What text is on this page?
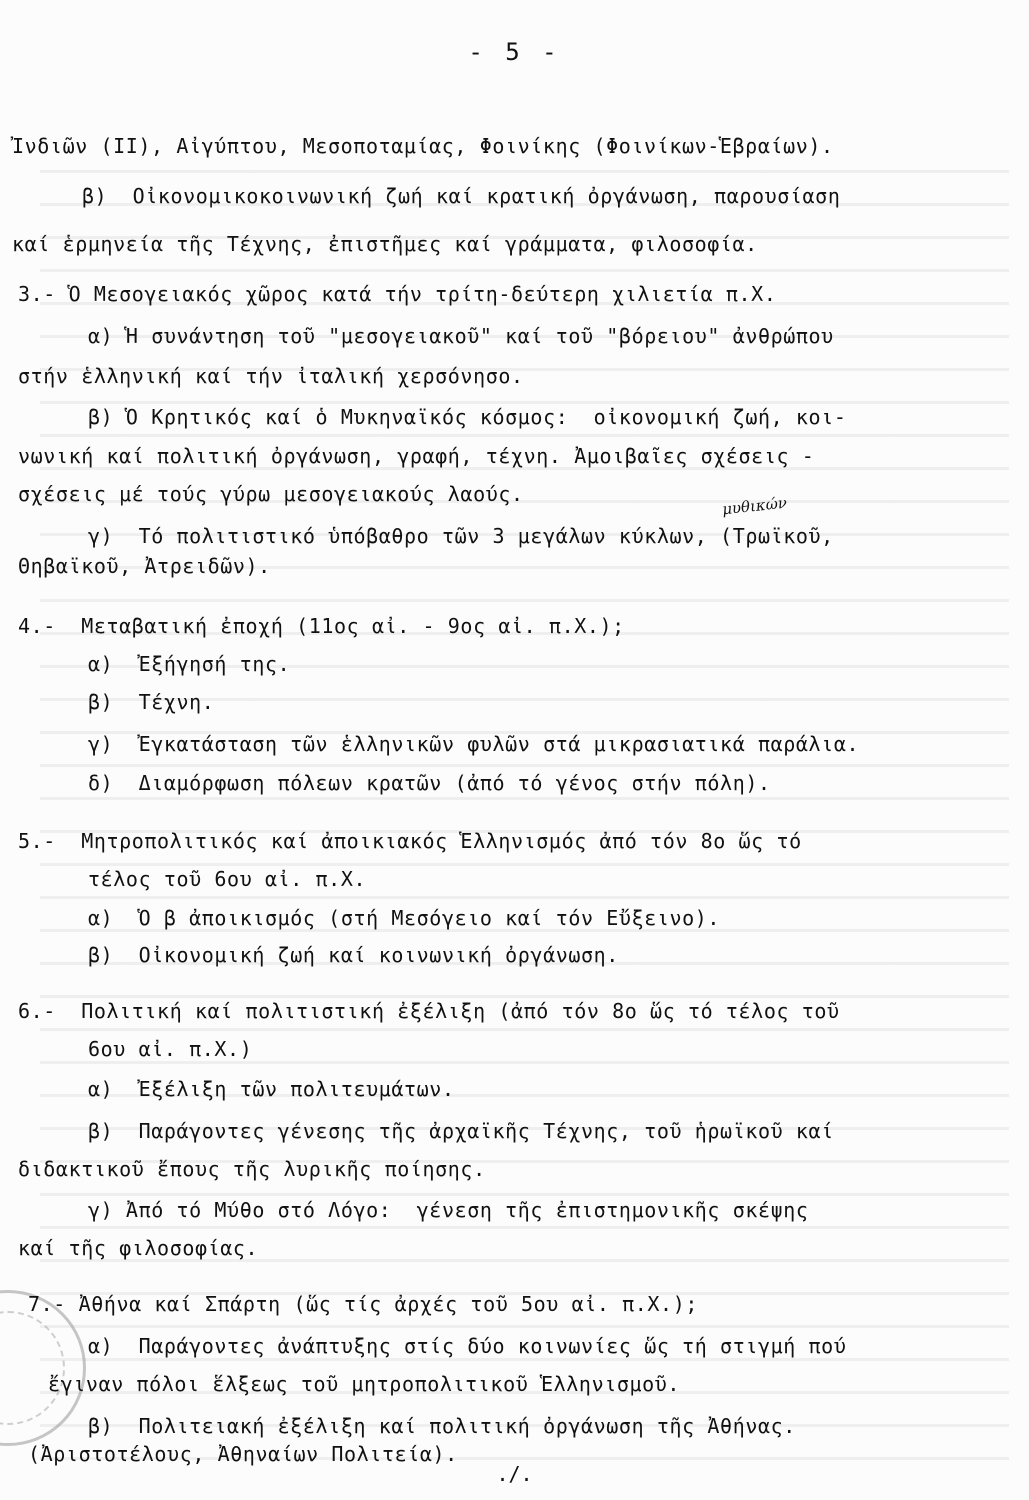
- 5 -
μυθικών
Ἰνδιῶν (II), Αἰγύπτου, Μεσοποταμίας, Φοινίκης (Φοινίκων-Ἑβραίων).
β)  Οἰκονομικοκοινωνική ζωή καί κρατική ὀργάνωση, παρουσίαση
καί ἑρμηνεία τῆς Τέχνης, ἐπιστῆμες καί γράμματα, φιλοσοφία.
3.- Ὁ Μεσογειακός χῶρος κατά τήν τρίτη-δεύτερη χιλιετία π.Χ.
α) Ἡ συνάντηση τοῦ "μεσογειακοῦ" καί τοῦ "βόρειου" ἀνθρώπου
στήν ἑλληνική καί τήν ἰταλική χερσόνησο.
β) Ὁ Κρητικός καί ὁ Μυκηναϊκός κόσμος:  οἰκονομική ζωή, κοι-
νωνική καί πολιτική ὀργάνωση, γραφή, τέχνη. Ἀμοιβαῖες σχέσεις -
σχέσεις μέ τούς γύρω μεσογειακούς λαούς.
γ)  Τό πολιτιστικό ὑπόβαθρο τῶν 3 μεγάλων κύκλων, (Τρωϊκοῦ,
Θηβαϊκοῦ, Ἀτρειδῶν).
4.-  Μεταβατική ἐποχή (11ος αἰ. - 9ος αἰ. π.Χ.);
α)  Ἐξήγησή της.
β)  Τέχνη.
γ)  Ἐγκατάσταση τῶν ἑλληνικῶν φυλῶν στά μικρασιατικά παράλια.
δ)  Διαμόρφωση πόλεων κρατῶν (ἀπό τό γένος στήν πόλη).
5.-  Μητροπολιτικός καί ἀποικιακός Ἑλληνισμός ἀπό τόν 8ο ὥς τό
τέλος τοῦ 6ου αἰ. π.Χ.
α)  Ὁ β ἀποικισμός (στή Μεσόγειο καί τόν Εὔξεινο).
β)  Οἰκονομική ζωή καί κοινωνική ὀργάνωση.
6.-  Πολιτική καί πολιτιστική ἐξέλιξη (ἀπό τόν 8ο ὥς τό τέλος τοῦ
6ου αἰ. π.Χ.)
α)  Ἐξέλιξη τῶν πολιτευμάτων.
β)  Παράγοντες γένεσης τῆς ἀρχαϊκῆς Τέχνης, τοῦ ἡρωϊκοῦ καί
διδακτικοῦ ἔπους τῆς λυρικῆς ποίησης.
γ) Ἀπό τό Μύθο στό Λόγο:  γένεση τῆς ἐπιστημονικῆς σκέψης
καί τῆς φιλοσοφίας.
7.- Ἀθήνα καί Σπάρτη (ὥς τίς ἀρχές τοῦ 5ου αἰ. π.Χ.);
α)  Παράγοντες ἀνάπτυξης στίς δύο κοινωνίες ὥς τή στιγμή πού
ἔγιναν πόλοι ἕλξεως τοῦ μητροπολιτικοῦ Ἑλληνισμοῦ.
β)  Πολιτειακή ἐξέλιξη καί πολιτική ὀργάνωση τῆς Ἀθήνας.
(Ἀριστοτέλους, Ἀθηναίων Πολιτεία).
./.
